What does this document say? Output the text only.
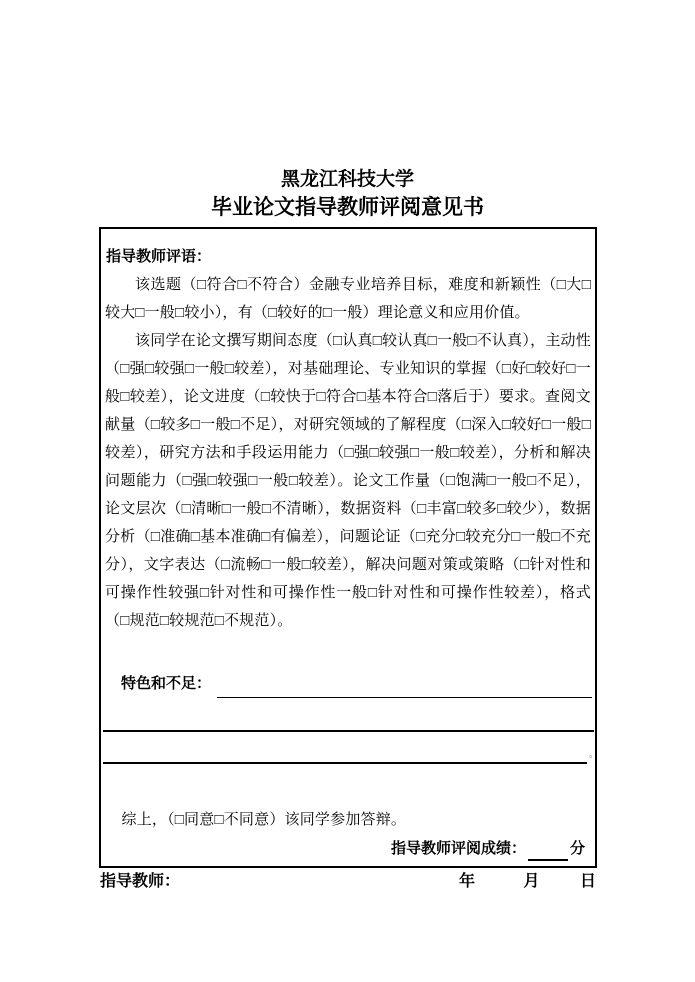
黑龙江科技大学
毕业论文指导教师评阅意见书
指导教师评语：
该选题（□符合□不符合）金融专业培养目标，难度和新颖性（□大□较大□一般□较小），有（□较好的□一般）理论意义和应用价值。
该同学在论文撰写期间态度（□认真□较认真□一般□不认真），主动性（□强□较强□一般□较差），对基础理论、专业知识的掌握（□好□较好□一般□较差），论文进度（□较快于□符合□基本符合□落后于）要求。查阅文献量（□较多□一般□不足），对研究领域的了解程度（□深入□较好□一般□较差），研究方法和手段运用能力（□强□较强□一般□较差），分析和解决问题能力（□强□较强□一般□较差）。论文工作量（□饱满□一般□不足），论文层次（□清晰□一般□不清晰），数据资料（□丰富□较多□较少），数据分析（□准确□基本准确□有偏差），问题论证（□充分□较充分□一般□不充分），文字表达（□流畅□一般□较差），解决问题对策或策略（□针对性和可操作性较强□针对性和可操作性一般□针对性和可操作性较差），格式（□规范□较规范□不规范）。
特色和不足：
。
综上，（□同意□不同意）该同学参加答辩。
指导教师评阅成绩：	分
指导教师：	年	月	日
